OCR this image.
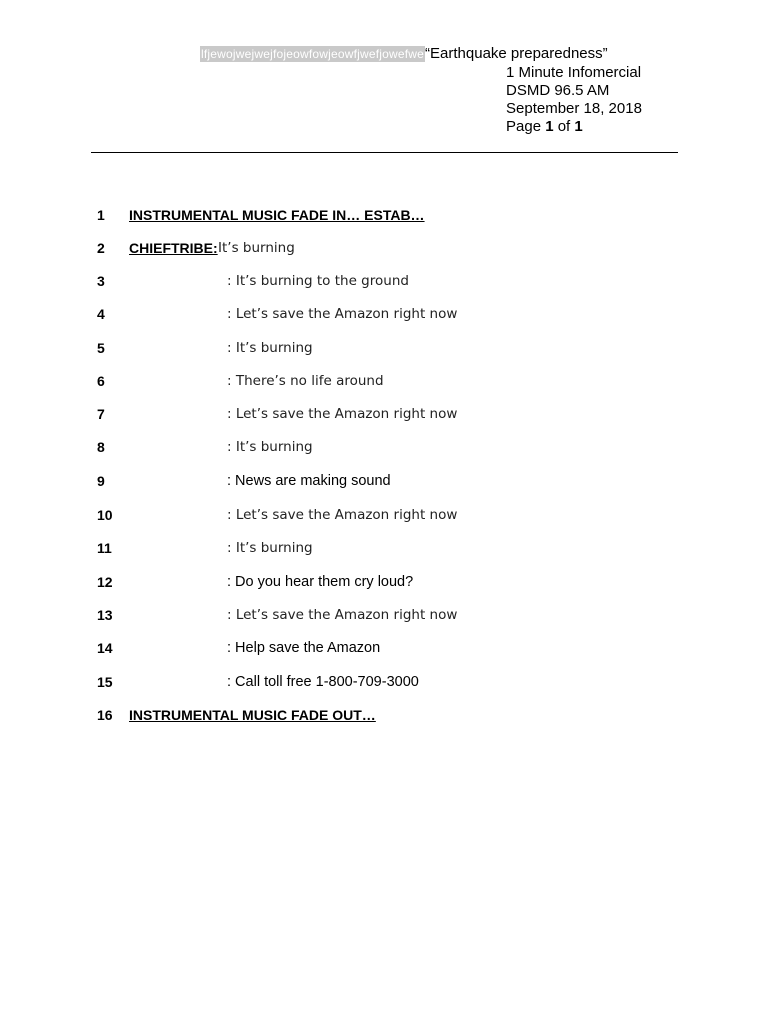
lfjewojwejwejfojeowfowjeowfjwefjowefwe“Earthquake preparedness”
1 Minute Infomercial
DSMD 96.5 AM
September 18, 2018
Page 1 of 1
1 INSTRUMENTAL MUSIC FADE IN… ESTAB…
2 CHIEFTRIBE: It’s burning
3	: It’s burning to the ground
4	: Let’s save the Amazon right now
5	: It’s burning
6	: There’s no life around
7	: Let’s save the Amazon right now
8	: It’s burning
9	: News are making sound
10	: Let’s save the Amazon right now
11	: It’s burning
12	: Do you hear them cry loud?
13	: Let’s save the Amazon right now
14	: Help save the Amazon
15	: Call toll free 1-800-709-3000
16 INSTRUMENTAL MUSIC FADE OUT…
